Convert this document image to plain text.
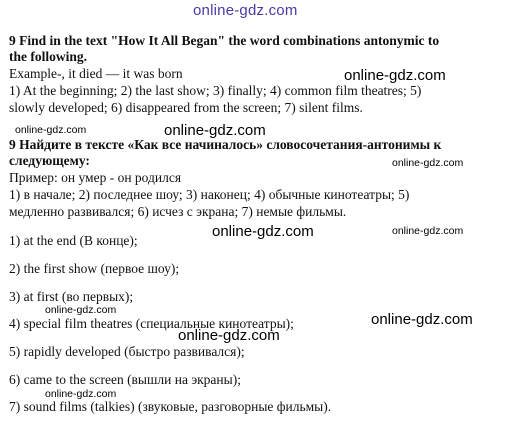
online-gdz.com
9 Find in the text "How It All Began" the word combinations antonymic to
the following.
Example-, it died — it was born
1) At the beginning; 2) the last show; 3) finally; 4) common film theatres; 5)
slowly developed; 6) disappeared from the screen; 7) silent films.
9 Найдите в тексте «Как все начиналось» словосочетания-антонимы к
следующему:
Пример: он умер - он родился
1) в начале; 2) последнее шоу; 3) наконец; 4) обычные кинотеатры; 5)
медленно развивался; 6) исчез с экрана; 7) немые фильмы.
1) at the end (В конце);
2) the first show (первое шоу);
3) at first (во первых);
4) special film theatres (специальные кинотеатры);
5) rapidly developed (быстро развивался);
6) came to the screen (вышли на экраны);
7) sound films (talkies) (звуковые, разговорные фильмы).
online-gdz.com
online-gdz.com	online-gdz.com
online-gdz.com
online-gdz.com	online-gdz.com
online-gdz.com
online-gdz.com
online-gdz.com
online-gdz.com
